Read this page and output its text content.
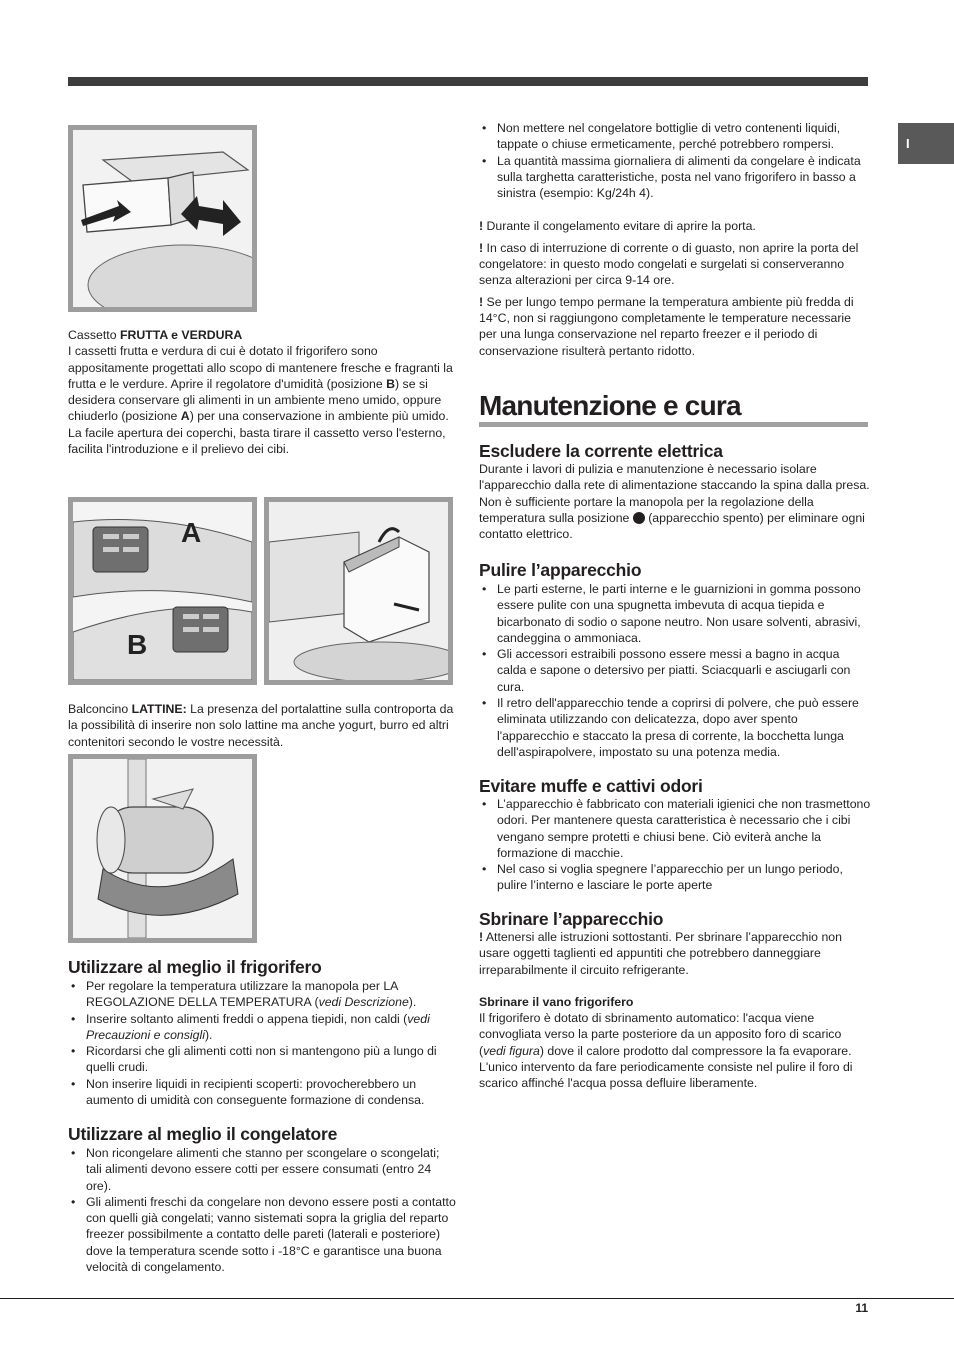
I

Cassetto FRUTTA e VERDURA

I cassetti frutta e verdura di cui è dotato il frigorifero sono appositamente progettati allo scopo di mantenere fresche e fragranti la frutta e le verdure. Aprire il regolatore d'umidità (posizione B) se si desidera conservare gli alimenti in un ambiente meno umido, oppure chiuderlo (posizione A) per una conservazione in ambiente più umido.

La facile apertura dei coperchi, basta tirare il cassetto verso l'esterno, facilita l'introduzione e il prelievo dei cibi.

A
B

Balconcino LATTINE: La presenza del portalattine sulla controporta da la possibilità di inserire non solo lattine ma anche yogurt, burro ed altri contenitori secondo le vostre necessità.

Utilizzare al meglio il frigorifero
• Per regolare la temperatura utilizzare la manopola per LA REGOLAZIONE DELLA TEMPERATURA (vedi Descrizione).
• Inserire soltanto alimenti freddi o appena tiepidi, non caldi (vedi Precauzioni e consigli).
• Ricordarsi che gli alimenti cotti non si mantengono più a lungo di quelli crudi.
• Non inserire liquidi in recipienti scoperti: provocherebbero un aumento di umidità con conseguente formazione di condensa.
Utilizzare al meglio il congelatore
• Non ricongelare alimenti che stanno per scongelare o scongelati; tali alimenti devono essere cotti per essere consumati (entro 24 ore).
• Gli alimenti freschi da congelare non devono essere posti a contatto con quelli già congelati; vanno sistemati sopra la griglia del reparto freezer possibilmente a contatto delle pareti (laterali e posteriore) dove la temperatura scende sotto i -18°C e garantisce una buona velocità di congelamento.
• Non mettere nel congelatore bottiglie di vetro contenenti liquidi, tappate o chiuse ermeticamente, perché potrebbero rompersi.
• La quantità massima giornaliera di alimenti da congelare è indicata sulla targhetta caratteristiche, posta nel vano frigorifero in basso a sinistra (esempio: Kg/24h 4).

! Durante il congelamento evitare di aprire la porta.

! In caso di interruzione di corrente o di guasto, non aprire la porta del congelatore: in questo modo congelati e surgelati si conserveranno senza alterazioni per circa 9-14 ore.

! Se per lungo tempo permane la temperatura ambiente più fredda di 14°C, non si raggiungono completamente le temperature necessarie per una lunga conservazione nel reparto freezer e il periodo di conservazione risulterà pertanto ridotto.

Manutenzione e cura
Escludere la corrente elettrica

Durante i lavori di pulizia e manutenzione è necessario isolare l'apparecchio dalla rete di alimentazione staccando la spina dalla presa. Non è sufficiente portare la manopola per la regolazione della temperatura sulla posizione  (apparecchio spento) per eliminare ogni contatto elettrico.

Pulire l’apparecchio
• Le parti esterne, le parti interne e le guarnizioni in gomma possono essere pulite con una spugnetta imbevuta di acqua tiepida e bicarbonato di sodio o sapone neutro. Non usare solventi, abrasivi, candeggina o ammoniaca.
• Gli accessori estraibili possono essere messi a bagno in acqua calda e sapone o detersivo per piatti. Sciacquarli e asciugarli con cura.
• Il retro dell'apparecchio tende a coprirsi di polvere, che può essere eliminata utilizzando con delicatezza, dopo aver spento l'apparecchio e staccato la presa di corrente, la bocchetta lunga dell'aspirapolvere, impostato su una potenza media.
Evitare muffe e cattivi odori
• L’apparecchio è fabbricato con materiali igienici che non trasmettono odori. Per mantenere questa caratteristica è necessario che i cibi vengano sempre protetti e chiusi bene. Ciò eviterà anche la formazione di macchie.
• Nel caso si voglia spegnere l’apparecchio per un lungo periodo, pulire l’interno e lasciare le porte aperte
Sbrinare l’apparecchio

! Attenersi alle istruzioni sottostanti. Per sbrinare l’apparecchio non usare oggetti taglienti ed appuntiti che potrebbero danneggiare irreparabilmente il circuito refrigerante.

Sbrinare il vano frigorifero

Il frigorifero è dotato di sbrinamento automatico: l'acqua viene convogliata verso la parte posteriore da un apposito foro di scarico (vedi figura) dove il calore prodotto dal compressore la fa evaporare. L'unico intervento da fare periodicamente consiste nel pulire il foro di scarico affinché l'acqua possa defluire liberamente.

11
